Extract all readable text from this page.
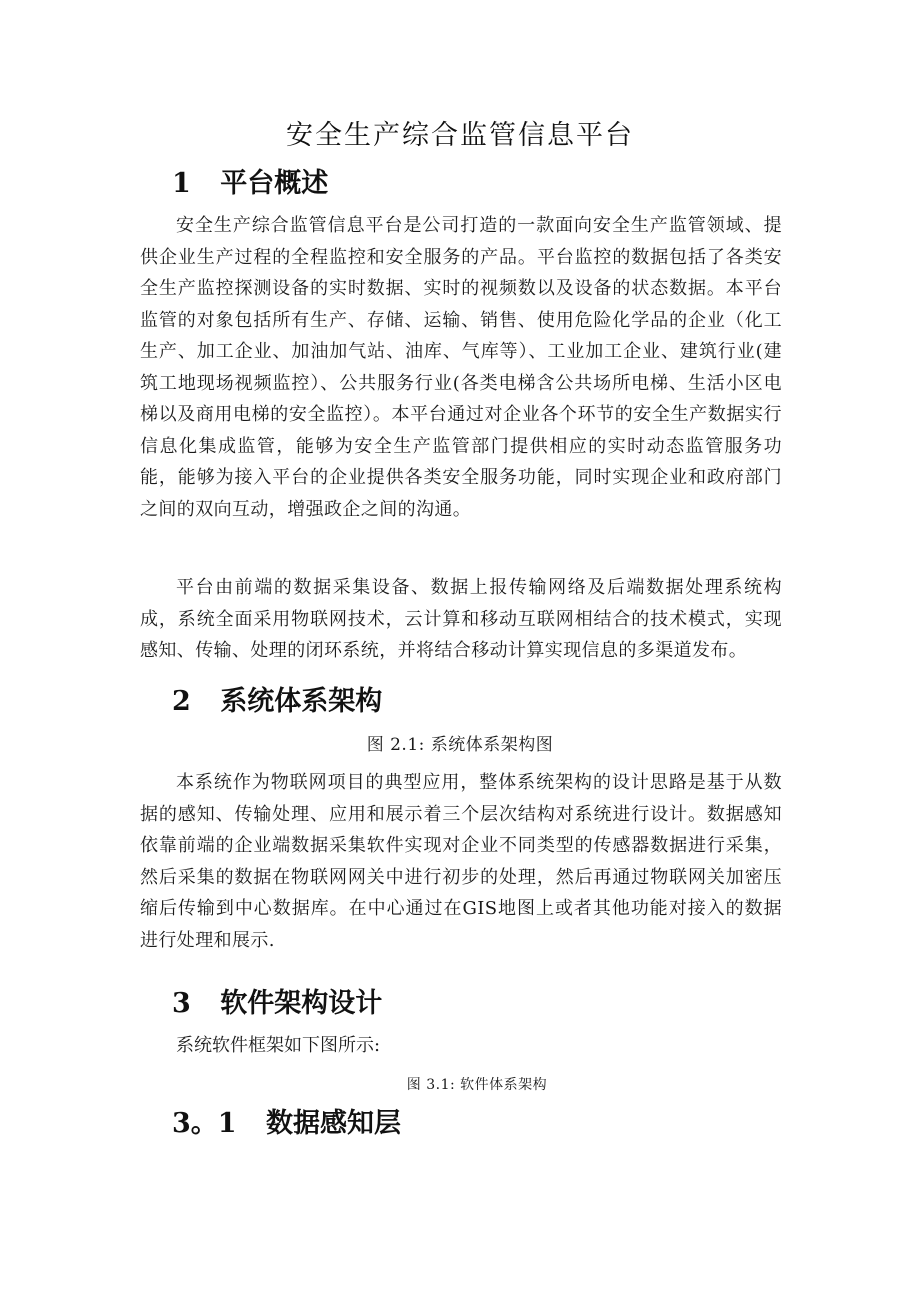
安全生产综合监管信息平台
1 平台概述
安全生产综合监管信息平台是公司打造的一款面向安全生产监管领域、提供企业生产过程的全程监控和安全服务的产品。平台监控的数据包括了各类安全生产监控探测设备的实时数据、实时的视频数以及设备的状态数据。本平台监管的对象包括所有生产、存储、运输、销售、使用危险化学品的企业（化工生产、加工企业、加油加气站、油库、气库等）、工业加工企业、建筑行业(建筑工地现场视频监控）、公共服务行业(各类电梯含公共场所电梯、生活小区电梯以及商用电梯的安全监控）。本平台通过对企业各个环节的安全生产数据实行信息化集成监管，能够为安全生产监管部门提供相应的实时动态监管服务功能，能够为接入平台的企业提供各类安全服务功能，同时实现企业和政府部门之间的双向互动，增强政企之间的沟通。
平台由前端的数据采集设备、数据上报传输网络及后端数据处理系统构成，系统全面采用物联网技术，云计算和移动互联网相结合的技术模式，实现感知、传输、处理的闭环系统，并将结合移动计算实现信息的多渠道发布。
2 系统体系架构
图 2.1: 系统体系架构图
本系统作为物联网项目的典型应用，整体系统架构的设计思路是基于从数据的感知、传输处理、应用和展示着三个层次结构对系统进行设计。数据感知依靠前端的企业端数据采集软件实现对企业不同类型的传感器数据进行采集，然后采集的数据在物联网网关中进行初步的处理，然后再通过物联网关加密压缩后传输到中心数据库。在中心通过在GIS地图上或者其他功能对接入的数据进行处理和展示.
3 软件架构设计
系统软件框架如下图所示:
图 3.1: 软件体系架构
3。1 数据感知层
